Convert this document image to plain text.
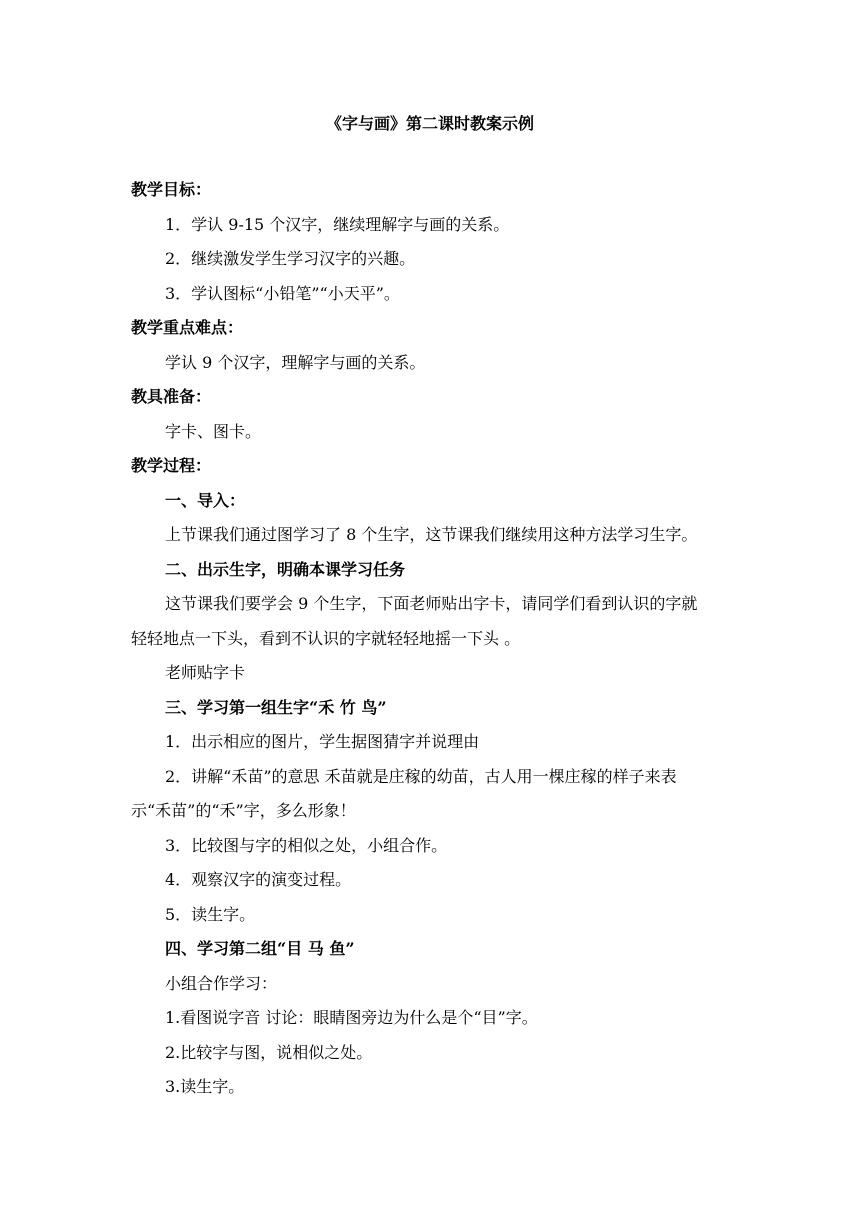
《字与画》第二课时教案示例

教学目标：

1．学认 9-15 个汉字，继续理解字与画的关系。

2．继续激发学生学习汉字的兴趣。

3．学认图标“小铅笔”“小天平”。

教学重点难点：

学认 9 个汉字，理解字与画的关系。

教具准备：

字卡、图卡。

教学过程：

一、导入：

上节课我们通过图学习了 8 个生字，这节课我们继续用这种方法学习生字。

二、出示生字，明确本课学习任务

这节课我们要学会 9 个生字，下面老师贴出字卡，请同学们看到认识的字就

轻轻地点一下头，看到不认识的字就轻轻地摇一下头 。

老师贴字卡

三、学习第一组生字“禾 竹 鸟”

1．出示相应的图片，学生据图猜字并说理由

2．讲解“禾苗”的意思 禾苗就是庄稼的幼苗，古人用一棵庄稼的样子来表

示“禾苗”的“禾”字，多么形象！

3．比较图与字的相似之处，小组合作。

4．观察汉字的演变过程。

5．读生字。

四、学习第二组“目 马 鱼”

小组合作学习：

1.看图说字音 讨论：眼睛图旁边为什么是个“目”字。

2.比较字与图，说相似之处。

3.读生字。
